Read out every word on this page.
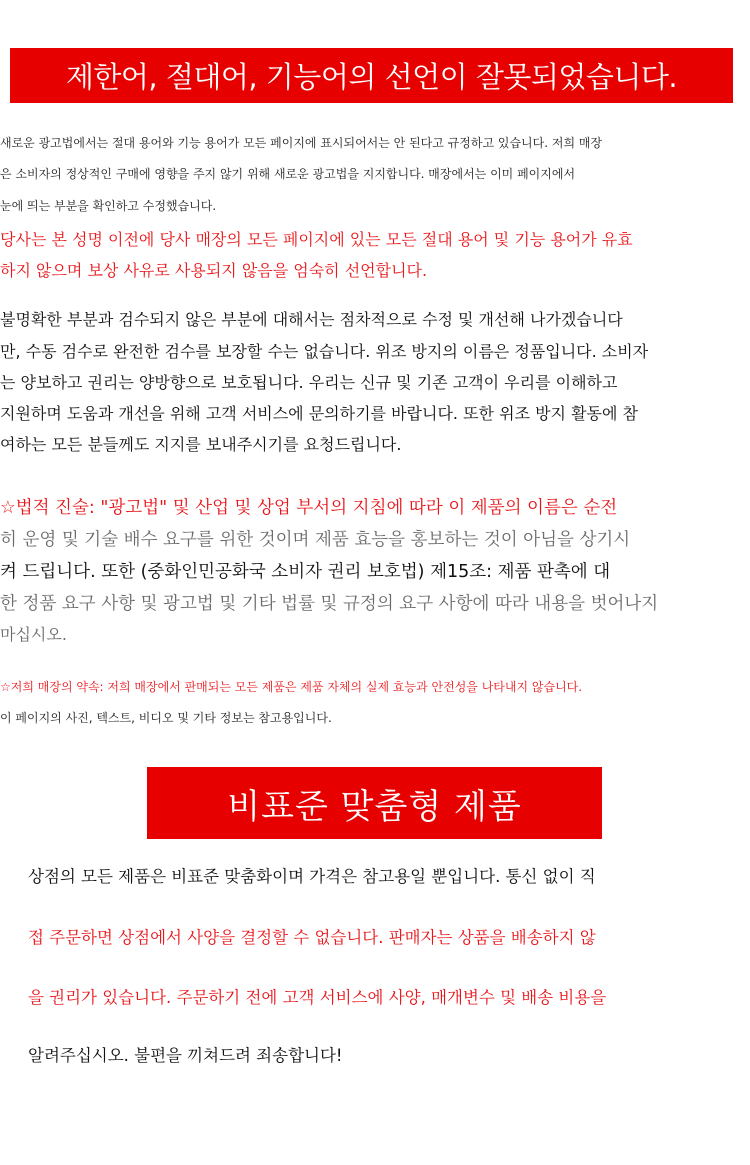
제한어, 절대어, 기능어의 선언이 잘못되었습니다.
새로운 광고법에서는 절대 용어와 기능 용어가 모든 페이지에 표시되어서는 안 된다고 규정하고 있습니다. 저희 매장
은 소비자의 정상적인 구매에 영향을 주지 않기 위해 새로운 광고법을 지지합니다. 매장에서는 이미 페이지에서
눈에 띄는 부분을 확인하고 수정했습니다.
당사는 본 성명 이전에 당사 매장의 모든 페이지에 있는 모든 절대 용어 및 기능 용어가 유효
하지 않으며 보상 사유로 사용되지 않음을 엄숙히 선언합니다.
불명확한 부분과 검수되지 않은 부분에 대해서는 점차적으로 수정 및 개선해 나가겠습니다
만, 수동 검수로 완전한 검수를 보장할 수는 없습니다. 위조 방지의 이름은 정품입니다. 소비자
는 양보하고 권리는 양방향으로 보호됩니다. 우리는 신규 및 기존 고객이 우리를 이해하고
지원하며 도움과 개선을 위해 고객 서비스에 문의하기를 바랍니다. 또한 위조 방지 활동에 참
여하는 모든 분들께도 지지를 보내주시기를 요청드립니다.
☆법적 진술: "광고법" 및 산업 및 상업 부서의 지침에 따라 이 제품의 이름은 순전
히 운영 및 기술 배수 요구를 위한 것이며 제품 효능을 홍보하는 것이 아님을 상기시
켜 드립니다. 또한 (중화인민공화국 소비자 권리 보호법) 제15조: 제품 판촉에 대
한 정품 요구 사항 및 광고법 및 기타 법률 및 규정의 요구 사항에 따라 내용을 벗어나지
마십시오.
☆저희 매장의 약속: 저희 매장에서 판매되는 모든 제품은 제품 자체의 실제 효능과 안전성을 나타내지 않습니다.
이 페이지의 사진, 텍스트, 비디오 및 기타 정보는 참고용입니다.
비표준 맞춤형 제품
상점의 모든 제품은 비표준 맞춤화이며 가격은 참고용일 뿐입니다. 통신 없이 직
접 주문하면 상점에서 사양을 결정할 수 없습니다. 판매자는 상품을 배송하지 않
을 권리가 있습니다. 주문하기 전에 고객 서비스에 사양, 매개변수 및 배송 비용을
알려주십시오. 불편을 끼쳐드려 죄송합니다!
